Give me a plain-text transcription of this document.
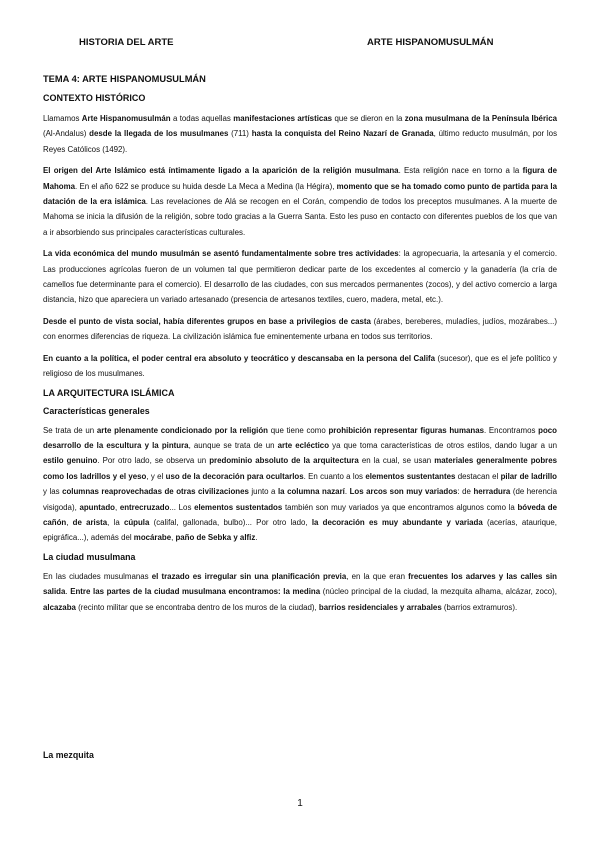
HISTORIA DEL ARTE	ARTE HISPANOMUSULMÁN
TEMA 4: ARTE HISPANOMUSULMÁN
CONTEXTO HISTÓRICO

Llamamos Arte Hispanomusulmán a todas aquellas manifestaciones artísticas que se dieron en la zona musulmana de la Península Ibérica (Al-Andalus) desde la llegada de los musulmanes (711) hasta la conquista del Reino Nazarí de Granada, último reducto musulmán, por los Reyes Católicos (1492).

El origen del Arte Islámico está íntimamente ligado a la aparición de la religión musulmana. Esta religión nace en torno a la figura de Mahoma. En el año 622 se produce su huida desde La Meca a Medina (la Hégira), momento que se ha tomado como punto de partida para la datación de la era islámica. Las revelaciones de Alá se recogen en el Corán, compendio de todos los preceptos musulmanes. A la muerte de Mahoma se inicia la difusión de la religión, sobre todo gracias a la Guerra Santa. Esto les puso en contacto con diferentes pueblos de los que van a ir absorbiendo sus principales características culturales.

La vida económica del mundo musulmán se asentó fundamentalmente sobre tres actividades: la agropecuaria, la artesanía y el comercio. Las producciones agrícolas fueron de un volumen tal que permitieron dedicar parte de los excedentes al comercio y la ganadería (la cría de camellos fue determinante para el comercio). El desarrollo de las ciudades, con sus mercados permanentes (zocos), y del activo comercio a larga distancia, hizo que apareciera un variado artesanado (presencia de artesanos textiles, cuero, madera, metal, etc.).

Desde el punto de vista social, había diferentes grupos en base a privilegios de casta (árabes, bereberes, muladíes, judíos, mozárabes...) con enormes diferencias de riqueza. La civilización islámica fue eminentemente urbana en todos sus territorios.

En cuanto a la política, el poder central era absoluto y teocrático y descansaba en la persona del Califa (sucesor), que es el jefe político y religioso de los musulmanes.

LA ARQUITECTURA ISLÁMICA
Características generales

Se trata de un arte plenamente condicionado por la religión que tiene como prohibición representar figuras humanas. Encontramos poco desarrollo de la escultura y la pintura, aunque se trata de un arte ecléctico ya que toma características de otros estilos, dando lugar a un estilo genuino. Por otro lado, se observa un predominio absoluto de la arquitectura en la cual, se usan materiales generalmente pobres como los ladrillos y el yeso, y el uso de la decoración para ocultarlos. En cuanto a los elementos sustentantes destacan el pilar de ladrillo y las columnas reaprovechadas de otras civilizaciones junto a la columna nazarí. Los arcos son muy variados: de herradura (de herencia visigoda), apuntado, entrecruzado... Los elementos sustentados también son muy variados ya que encontramos algunos como la bóveda de cañón, de arista, la cúpula (califal, gallonada, bulbo)... Por otro lado, la decoración es muy abundante y variada (acerías, ataurique, epigráfica...), además del mocárabe, paño de Sebka y alfiz.

La ciudad musulmana

En las ciudades musulmanas el trazado es irregular sin una planificación previa, en la que eran frecuentes los adarves y las calles sin salida. Entre las partes de la ciudad musulmana encontramos: la medina (núcleo principal de la ciudad, la mezquita alhama, alcázar, zoco), alcazaba (recinto militar que se encontraba dentro de los muros de la ciudad), barrios residenciales y arrabales (barrios extramuros).

La mezquita
1
